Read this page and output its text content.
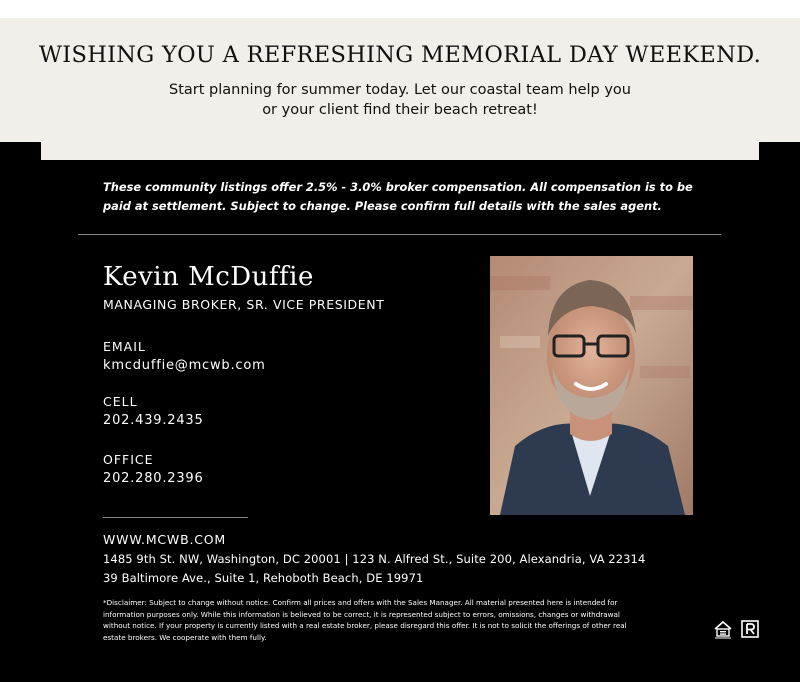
WISHING YOU A REFRESHING MEMORIAL DAY WEEKEND.
Start planning for summer today. Let our coastal team help you
or your client find their beach retreat!
These community listings offer 2.5% - 3.0% broker compensation. All compensation is to be
paid at settlement. Subject to change. Please confirm full details with the sales agent.
Kevin McDuffie
MANAGING BROKER, SR. VICE PRESIDENT
EMAIL
kmcduffie@mcwb.com
CELL
202.439.2435
OFFICE
202.280.2396
WWW.MCWB.COM
1485 9th St. NW, Washington, DC 20001 | 123 N. Alfred St., Suite 200, Alexandria, VA 22314
39 Baltimore Ave., Suite 1, Rehoboth Beach, DE 19971
*Disclaimer: Subject to change without notice. Confirm all prices and offers with the Sales Manager. All material presented here is intended for information purposes only. While this information is believed to be correct, it is represented subject to errors, omissions, changes or withdrawal without notice. If your property is currently listed with a real estate broker, please disregard this offer. It is not to solicit the offerings of other real estate brokers. We cooperate with them fully.
